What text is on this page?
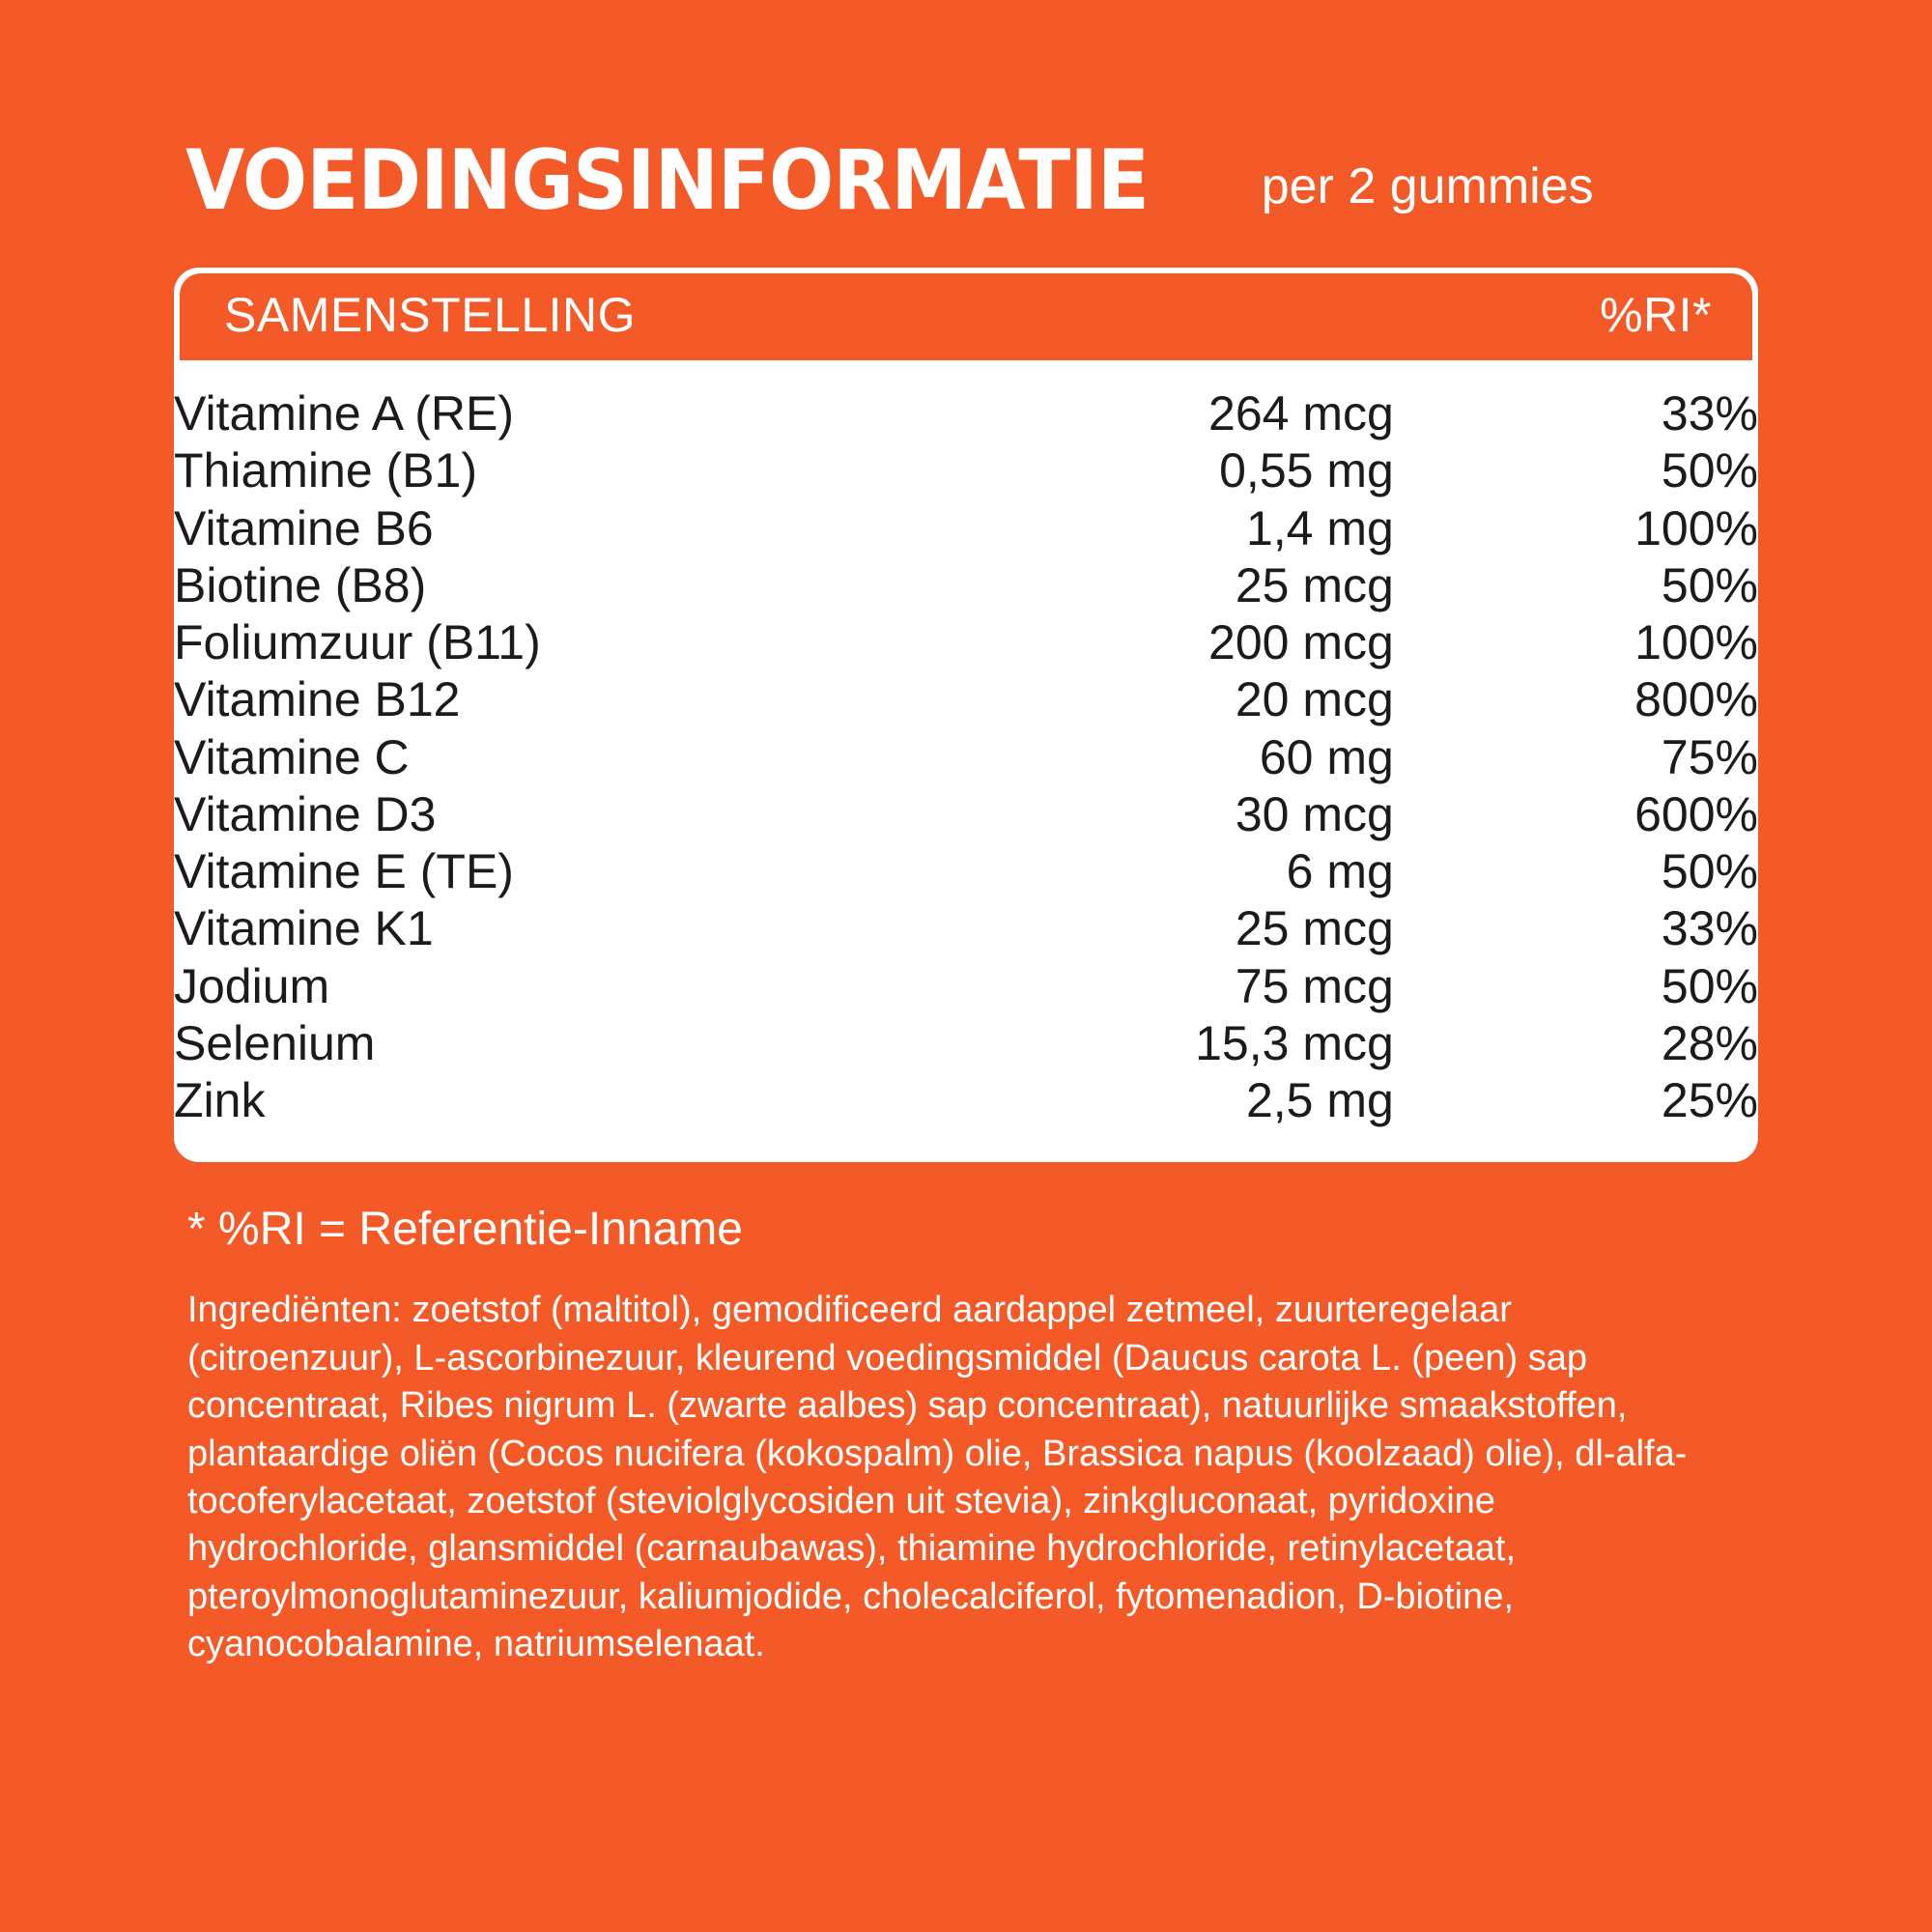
VOEDINGSINFORMATIE per 2 gummies
SAMENSTELLING	%RI*
Vitamine A (RE)	264 mcg	33%
Thiamine (B1)	0,55 mg	50%
Vitamine B6	1,4 mg	100%
Biotine (B8)	25 mcg	50%
Foliumzuur (B11)	200 mcg	100%
Vitamine B12	20 mcg	800%
Vitamine C	60 mg	75%
Vitamine D3	30 mcg	600%
Vitamine E (TE)	6 mg	50%
Vitamine K1	25 mcg	33%
Jodium	75 mcg	50%
Selenium	15,3 mcg	28%
Zink	2,5 mg	25%
* %RI = Referentie-Inname
Ingrediënten: zoetstof (maltitol), gemodificeerd aardappel zetmeel, zuurteregelaar (citroenzuur), L-ascorbinezuur, kleurend voedingsmiddel (Daucus carota L. (peen) sap concentraat, Ribes nigrum L. (zwarte aalbes) sap concentraat), natuurlijke smaakstoffen, plantaardige oliën (Cocos nucifera (kokospalm) olie, Brassica napus (koolzaad) olie), dl-alfa-tocoferylacetaat, zoetstof (steviolglycosiden uit stevia), zinkgluconaat, pyridoxine hydrochloride, glansmiddel (carnaubawas), thiamine hydrochloride, retinylacetaat, pteroylmonoglutaminezuur, kaliumjodide, cholecalciferol, fytomenadion, D-biotine, cyanocobalamine, natriumselenaat.
